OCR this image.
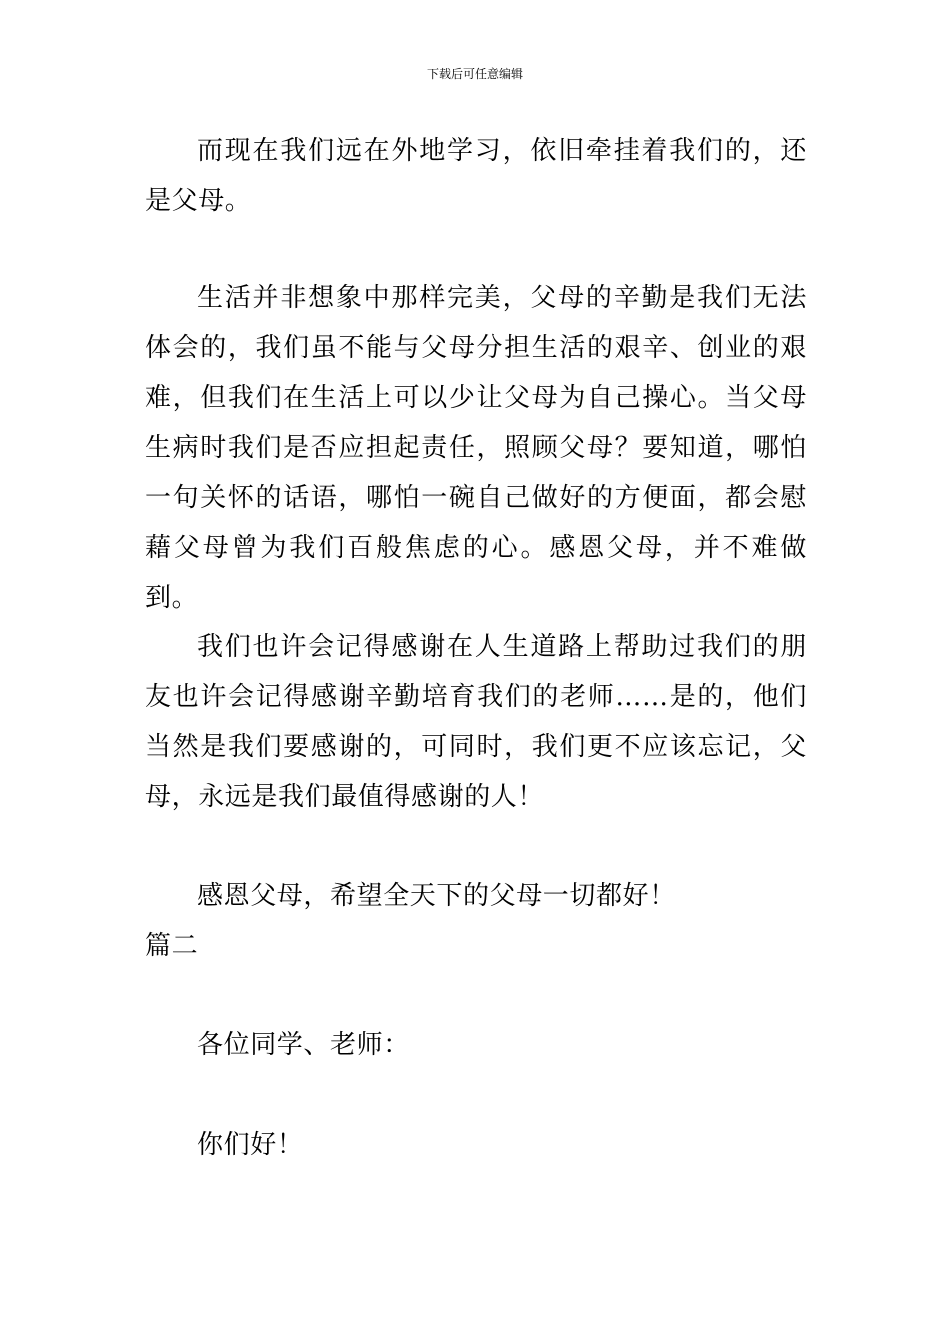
下载后可任意编辑
而现在我们远在外地学习，依旧牵挂着我们的，还是父母。
生活并非想象中那样完美，父母的辛勤是我们无法体会的，我们虽不能与父母分担生活的艰辛、创业的艰难，但我们在生活上可以少让父母为自己操心。当父母生病时我们是否应担起责任，照顾父母？要知道，哪怕一句关怀的话语，哪怕一碗自己做好的方便面，都会慰藉父母曾为我们百般焦虑的心。感恩父母，并不难做到。
我们也许会记得感谢在人生道路上帮助过我们的朋友也许会记得感谢辛勤培育我们的老师……是的，他们当然是我们要感谢的，可同时，我们更不应该忘记，父母，永远是我们最值得感谢的人！
感恩父母，希望全天下的父母一切都好！
篇二
各位同学、老师：
你们好！
